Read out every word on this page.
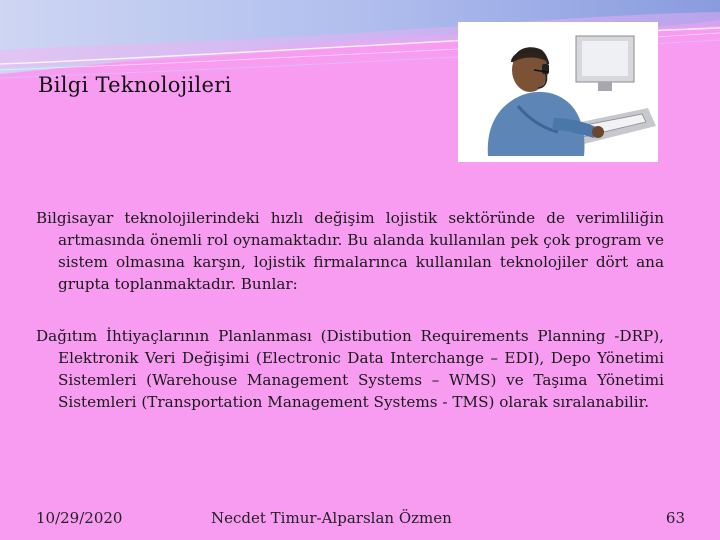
Bilgi Teknolojileri
Bilgisayar teknolojilerindeki hızlı değişim lojistik sektöründe de verimliliğin artmasında önemli rol oynamaktadır. Bu alanda kullanılan pek çok program ve sistem olmasına karşın, lojistik firmalarınca kullanılan teknolojiler dört ana grupta toplanmaktadır. Bunlar:
Dağıtım İhtiyaçlarının Planlanması (Distibution Requirements Planning -DRP), Elektronik Veri Değişimi (Electronic Data Interchange – EDI), Depo Yönetimi Sistemleri (Warehouse Management Systems – WMS) ve Taşıma Yönetimi Sistemleri (Transportation Management Systems - TMS) olarak sıralanabilir.
10/29/2020	Necdet Timur-Alparslan Özmen	63
